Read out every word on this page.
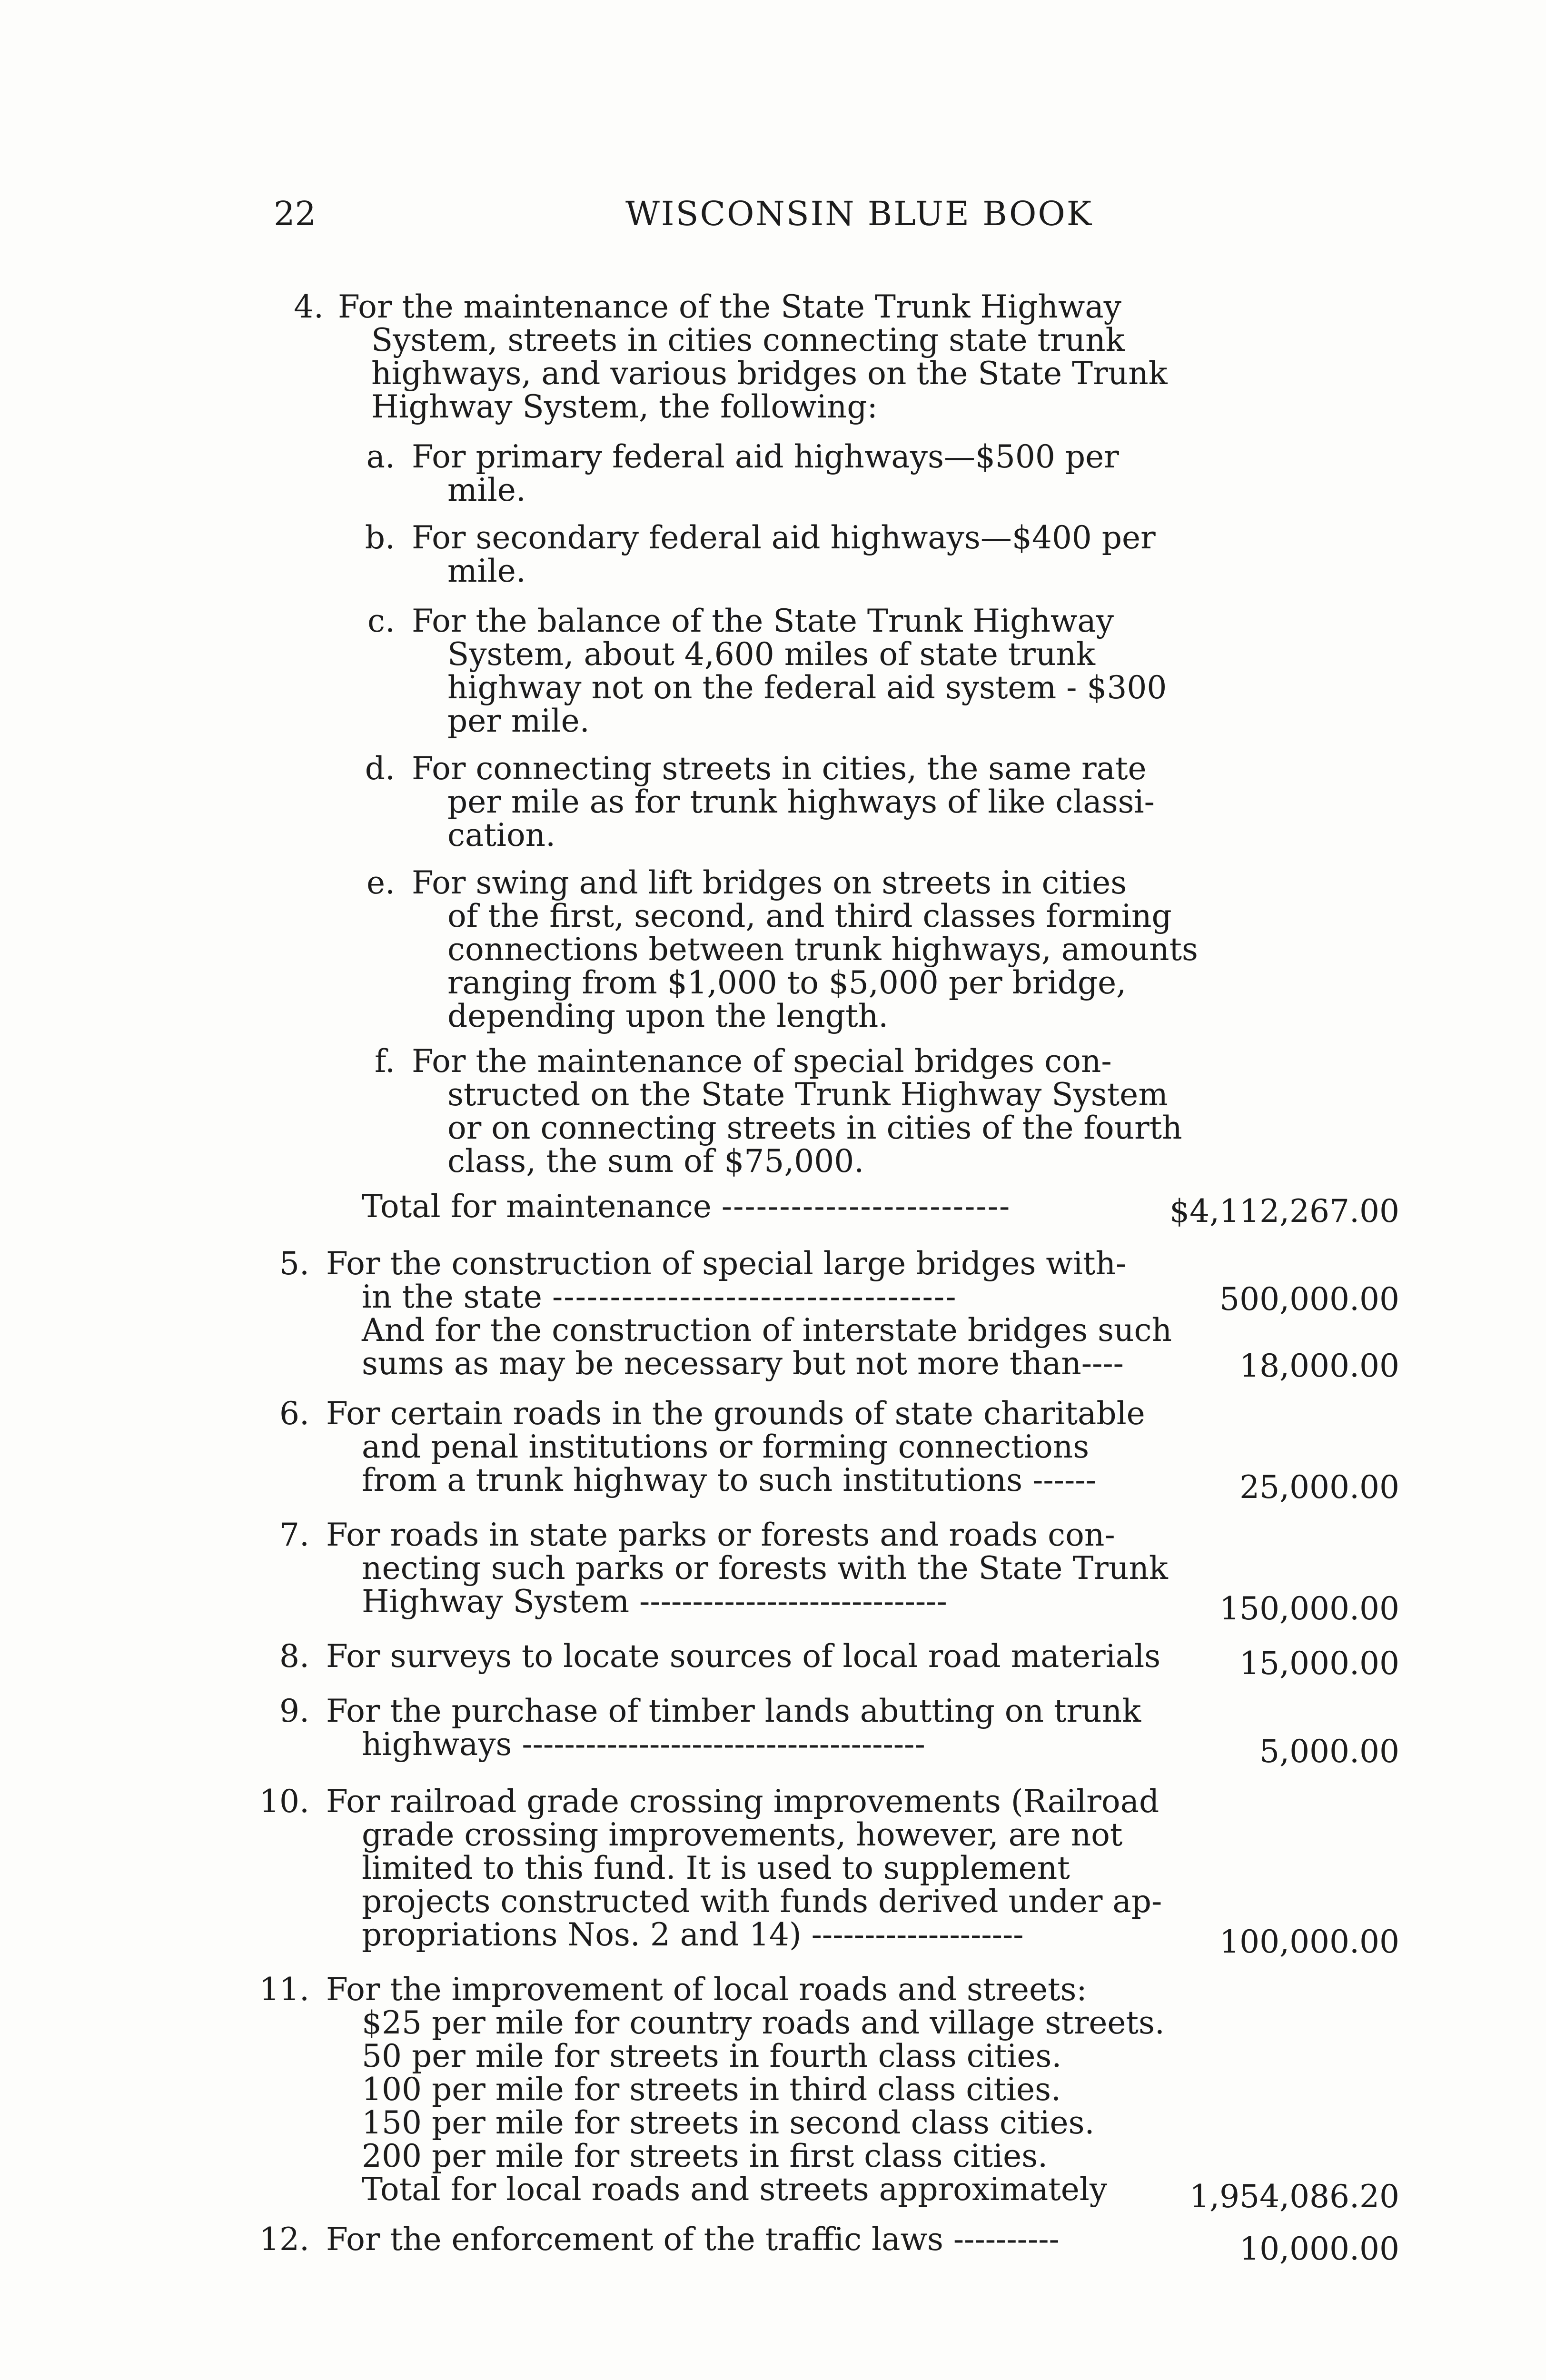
22	WISCONSIN BLUE BOOK
4. For the maintenance of the State Trunk Highway
System, streets in cities connecting state trunk
highways, and various bridges on the State Trunk
Highway System, the following:
a. For primary federal aid highways—$500 per
mile.
b. For secondary federal aid highways—$400 per
mile.
c. For the balance of the State Trunk Highway
System, about 4,600 miles of state trunk
highway not on the federal aid system - $300
per mile.
d. For connecting streets in cities, the same rate
per mile as for trunk highways of like classi-
cation.
e. For swing and lift bridges on streets in cities
of the first, second, and third classes forming
connections between trunk highways, amounts
ranging from $1,000 to $5,000 per bridge,
depending upon the length.
f. For the maintenance of special bridges con-
structed on the State Trunk Highway System
or on connecting streets in cities of the fourth
class, the sum of $75,000.
Total for maintenance -------------------------	$4,112,267.00
5. For the construction of special large bridges with-
in the state -----------------------------------	500,000.00
And for the construction of interstate bridges such
sums as may be necessary but not more than----	18,000.00
6. For certain roads in the grounds of state charitable
and penal institutions or forming connections
from a trunk highway to such institutions ------	25,000.00
7. For roads in state parks or forests and roads con-
necting such parks or forests with the State Trunk
Highway System -----------------------------	150,000.00
8. For surveys to locate sources of local road materials	15,000.00
9. For the purchase of timber lands abutting on trunk
highways --------------------------------------	5,000.00
10. For railroad grade crossing improvements (Railroad
grade crossing improvements, however, are not
limited to this fund. It is used to supplement
projects constructed with funds derived under ap-
propriations Nos. 2 and 14) --------------------	100,000.00
11. For the improvement of local roads and streets:
$25 per mile for country roads and village streets.
50 per mile for streets in fourth class cities.
100 per mile for streets in third class cities.
150 per mile for streets in second class cities.
200 per mile for streets in first class cities.
Total for local roads and streets approximately	1,954,086.20
12. For the enforcement of the traffic laws ----------	10,000.00
